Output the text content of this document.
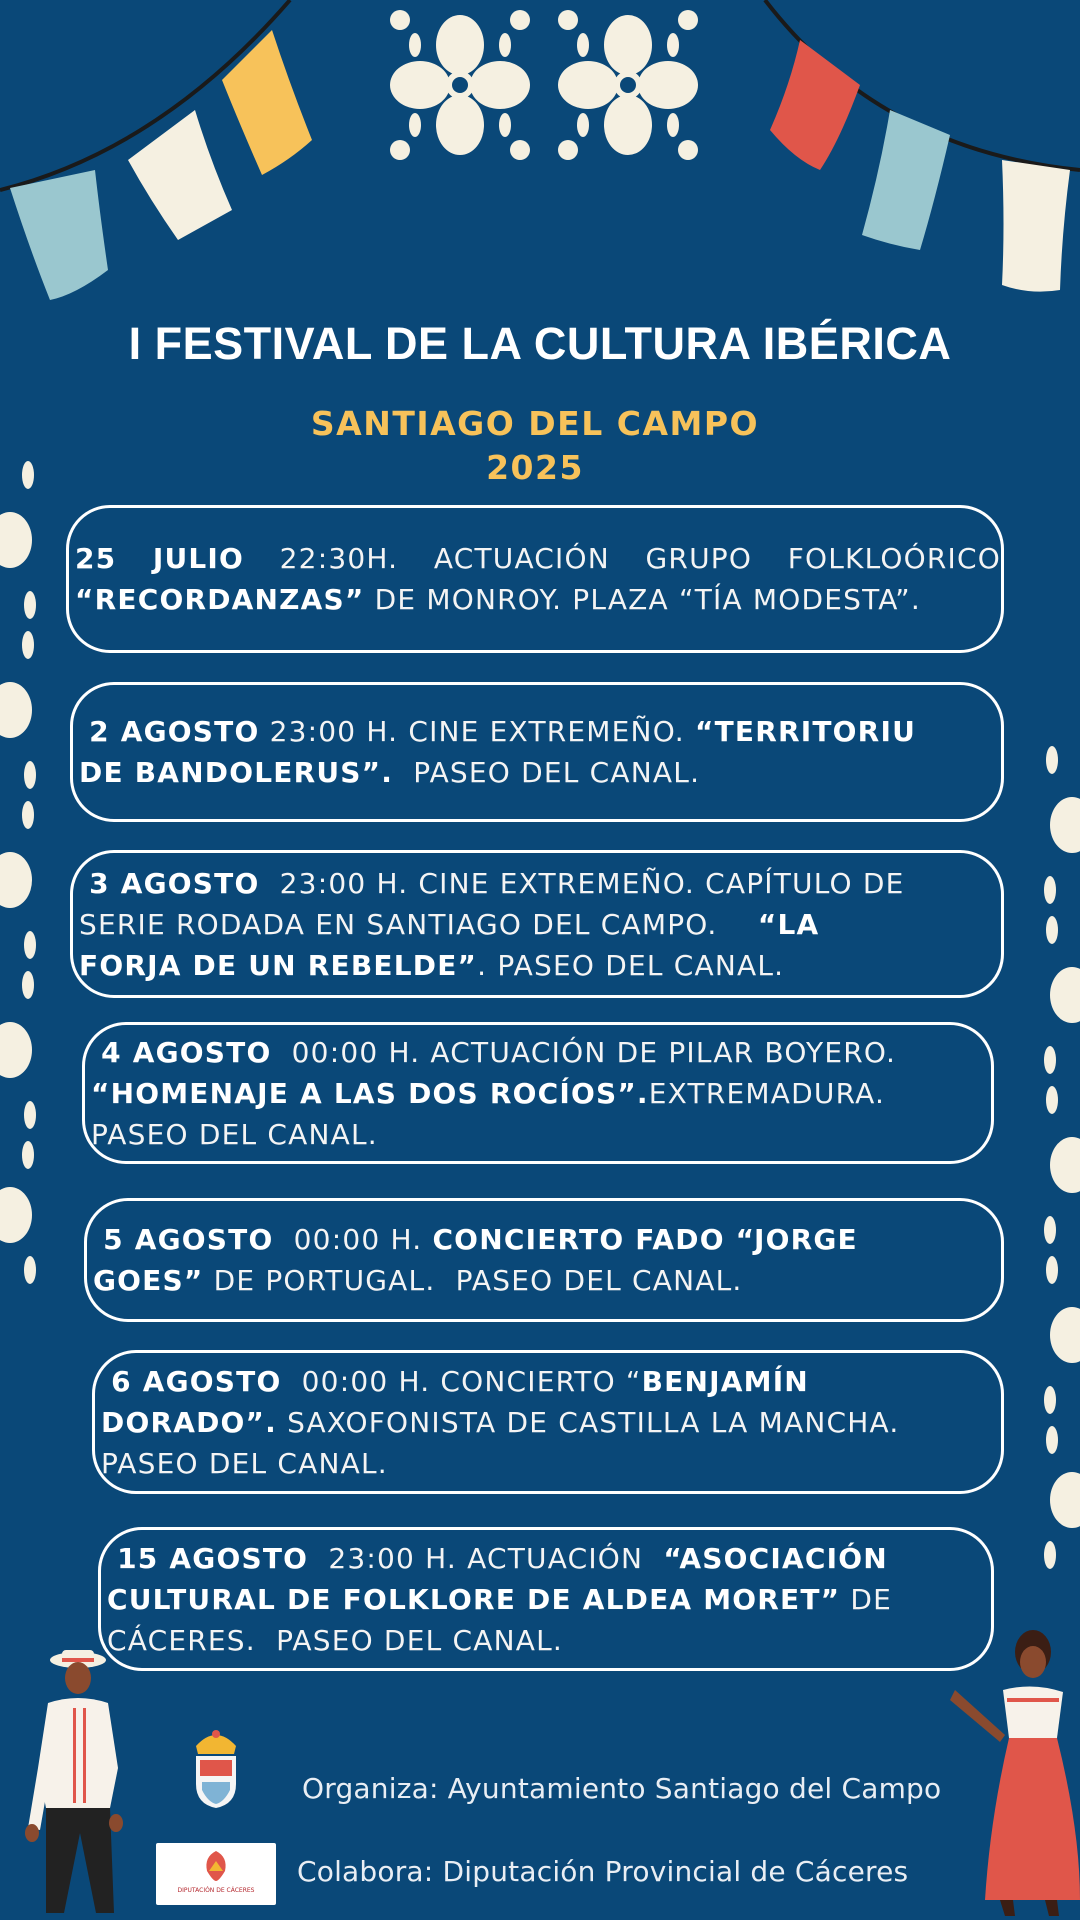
I FESTIVAL DE LA CULTURA IBÉRICA
SANTIAGO DEL CAMPO
2025
25 JULIO 22:30H. ACTUACIÓN GRUPO FOLKLOÓRICO
“RECORDANZAS” DE MONROY. PLAZA “TÍA MODESTA”.
2 AGOSTO 23:00 H. CINE EXTREMEÑO. “TERRITORIU
DE BANDOLERUS”.  PASEO DEL CANAL.
3 AGOSTO  23:00 H. CINE EXTREMEÑO. CAPÍTULO DE
SERIE RODADA EN SANTIAGO DEL CAMPO.    “LA
FORJA DE UN REBELDE”. PASEO DEL CANAL.
4 AGOSTO  00:00 H. ACTUACIÓN DE PILAR BOYERO.
“HOMENAJE A LAS DOS ROCÍOS”.EXTREMADURA.
PASEO DEL CANAL.
5 AGOSTO  00:00 H. CONCIERTO FADO “JORGE
GOES” DE PORTUGAL.  PASEO DEL CANAL.
6 AGOSTO  00:00 H. CONCIERTO “BENJAMÍN
DORADO”. SAXOFONISTA DE CASTILLA LA MANCHA.
PASEO DEL CANAL.
15 AGOSTO  23:00 H. ACTUACIÓN  “ASOCIACIÓN
CULTURAL DE FOLKLORE DE ALDEA MORET” DE
CÁCERES.  PASEO DEL CANAL.
Organiza: Ayuntamiento Santiago del Campo
DIPUTACIÓN DE CÁCERES
Colabora: Diputación Provincial de Cáceres
